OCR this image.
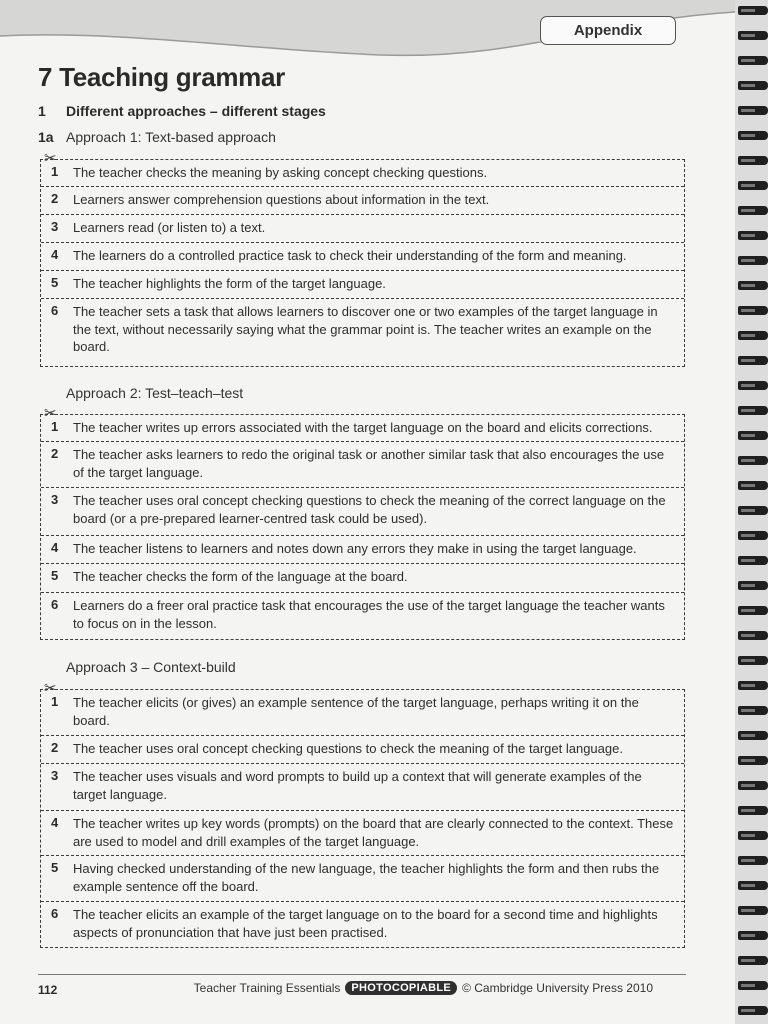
Appendix
7 Teaching grammar
1 Different approaches – different stages
1a Approach 1: Text-based approach
✂
1 The teacher checks the meaning by asking concept checking questions.
2 Learners answer comprehension questions about information in the text.
3 Learners read (or listen to) a text.
4 The learners do a controlled practice task to check their understanding of the form and meaning.
5 The teacher highlights the form of the target language.
6 The teacher sets a task that allows learners to discover one or two examples of the target language in the text, without necessarily saying what the grammar point is. The teacher writes an example on the board.
Approach 2: Test–teach–test
✂
1 The teacher writes up errors associated with the target language on the board and elicits corrections.
2 The teacher asks learners to redo the original task or another similar task that also encourages the use of the target language.
3 The teacher uses oral concept checking questions to check the meaning of the correct language on the board (or a pre-prepared learner-centred task could be used).
4 The teacher listens to learners and notes down any errors they make in using the target language.
5 The teacher checks the form of the language at the board.
6 Learners do a freer oral practice task that encourages the use of the target language the teacher wants to focus on in the lesson.
Approach 3 – Context-build
✂
1 The teacher elicits (or gives) an example sentence of the target language, perhaps writing it on the board.
2 The teacher uses oral concept checking questions to check the meaning of the target language.
3 The teacher uses visuals and word prompts to build up a context that will generate examples of the target language.
4 The teacher writes up key words (prompts) on the board that are clearly connected to the context. These are used to model and drill examples of the target language.
5 Having checked understanding of the new language, the teacher highlights the form and then rubs the example sentence off the board.
6 The teacher elicits an example of the target language on to the board for a second time and highlights aspects of pronunciation that have just been practised.
112	Teacher Training Essentials	PHOTOCOPIABLE © Cambridge University Press 2010
